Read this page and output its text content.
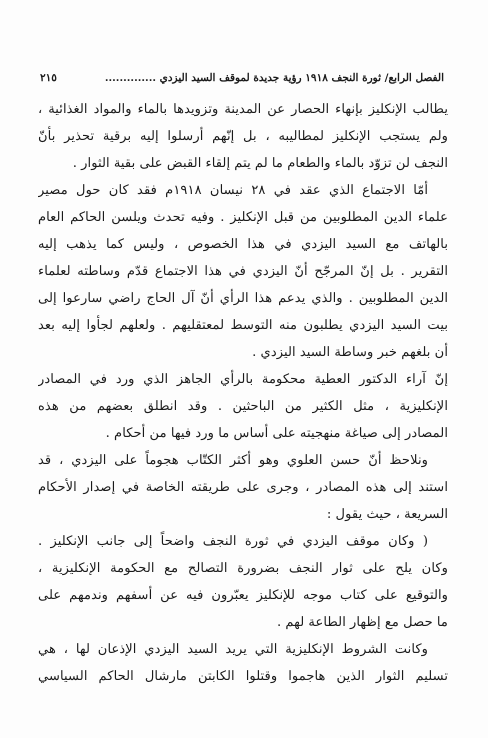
الفصل الرابع/ ثورة النجف ١٩١٨ رؤية جديدة لموقف السيد اليزدي ..............
٢١٥
يطالب الإنكليز بإنهاء الحصار عن المدينة وتزويدها بالماء والمواد الغذائية ،
ولم يستجب الإنكليز لمطاليبه ، بل إنّهم أرسلوا إليه برقية تحذير بأنّ
النجف لن تزوّد بالماء والطعام ما لم يتم إلقاء القبض على بقية الثوار .
أمّا الاجتماع الذي عقد في ٢٨ نيسان ١٩١٨م فقد كان حول مصير
علماء الدين المطلوبين من قبل الإنكليز . وفيه تحدث ويلسن الحاكم العام
بالهاتف مع السيد اليزدي في هذا الخصوص ، وليس كما يذهب إليه
التقرير . بل إنّ المرجّح أنّ اليزدي في هذا الاجتماع قدّم وساطته لعلماء
الدين المطلوبين . والذي يدعم هذا الرأي أنّ آل الحاج راضي سارعوا إلى
بيت السيد اليزدي يطلبون منه التوسط لمعتقليهم . ولعلهم لجأوا إليه بعد
أن بلغهم خبر وساطة السيد اليزدي .
إنّ آراء الدكتور العطية محكومة بالرأي الجاهز الذي ورد في المصادر
الإنكليزية ، مثل الكثير من الباحثين . وقد انطلق بعضهم من هذه
المصادر إلى صياغة منهجيته على أساس ما ورد فيها من أحكام .
ونلاحظ أنّ حسن العلوي وهو أكثر الكتّاب هجوماً على اليزدي ، قد
استند إلى هذه المصادر ، وجرى على طريقته الخاصة في إصدار الأحكام
السريعة ، حيث يقول :
( وكان موقف اليزدي في ثورة النجف واضحاً إلى جانب الإنكليز .
وكان يلح على ثوار النجف بضرورة التصالح مع الحكومة الإنكليزية ،
والتوقيع على كتاب موجه للإنكليز يعبّرون فيه عن أسفهم وندمهم على
ما حصل مع إظهار الطاعة لهم .
وكانت الشروط الإنكليزية التي يريد السيد اليزدي الإذعان لها ، هي
تسليم الثوار الذين هاجموا وقتلوا الكابتن مارشال الحاكم السياسي
